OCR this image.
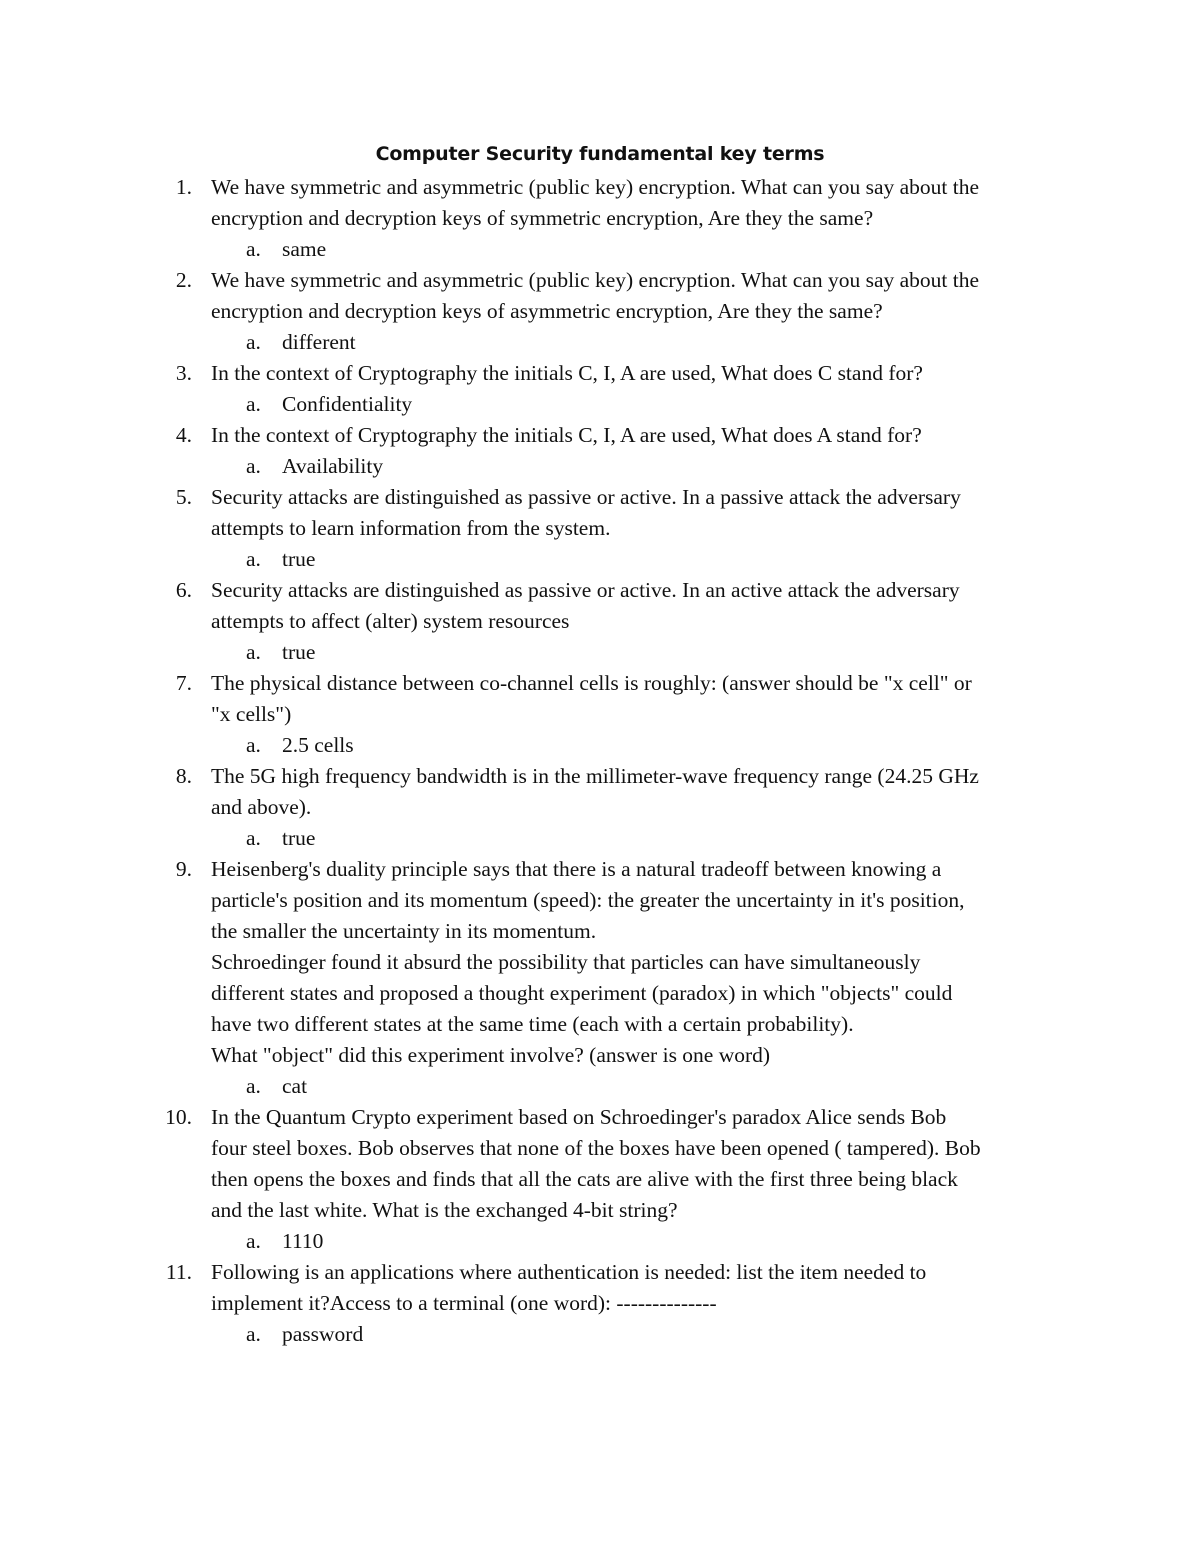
Computer Security fundamental key terms
1. We have symmetric and asymmetric (public key) encryption. What can you say about the
encryption and decryption keys of symmetric encryption, Are they the same?
a. same
2. We have symmetric and asymmetric (public key) encryption. What can you say about the
encryption and decryption keys of asymmetric encryption, Are they the same?
a. different
3. In the context of Cryptography the initials C, I, A are used, What does C stand for?
a. Confidentiality
4. In the context of Cryptography the initials C, I, A are used, What does A stand for?
a. Availability
5. Security attacks are distinguished as passive or active. In a passive attack the adversary
attempts to learn information from the system.
a. true
6. Security attacks are distinguished as passive or active. In an active attack the adversary
attempts to affect (alter) system resources
a. true
7. The physical distance between co-channel cells is roughly: (answer should be "x cell" or
"x cells")
a. 2.5 cells
8. The 5G high frequency bandwidth is in the millimeter-wave frequency range (24.25 GHz
and above).
a. true
9. Heisenberg's duality principle says that there is a natural tradeoff between knowing a
particle's position and its momentum (speed): the greater the uncertainty in it's position,
the smaller the uncertainty in its momentum.
Schroedinger found it absurd the possibility that particles can have simultaneously
different states and proposed a thought experiment (paradox) in which "objects" could
have two different states at the same time (each with a certain probability).
What "object" did this experiment involve? (answer is one word)
a. cat
10. In the Quantum Crypto experiment based on Schroedinger's paradox Alice sends Bob
four steel boxes. Bob observes that none of the boxes have been opened ( tampered). Bob
then opens the boxes and finds that all the cats are alive with the first three being black
and the last white. What is the exchanged 4-bit string?
a. 1110
11. Following is an applications where authentication is needed: list the item needed to
implement it?Access to a terminal (one word): --------------
a. password
